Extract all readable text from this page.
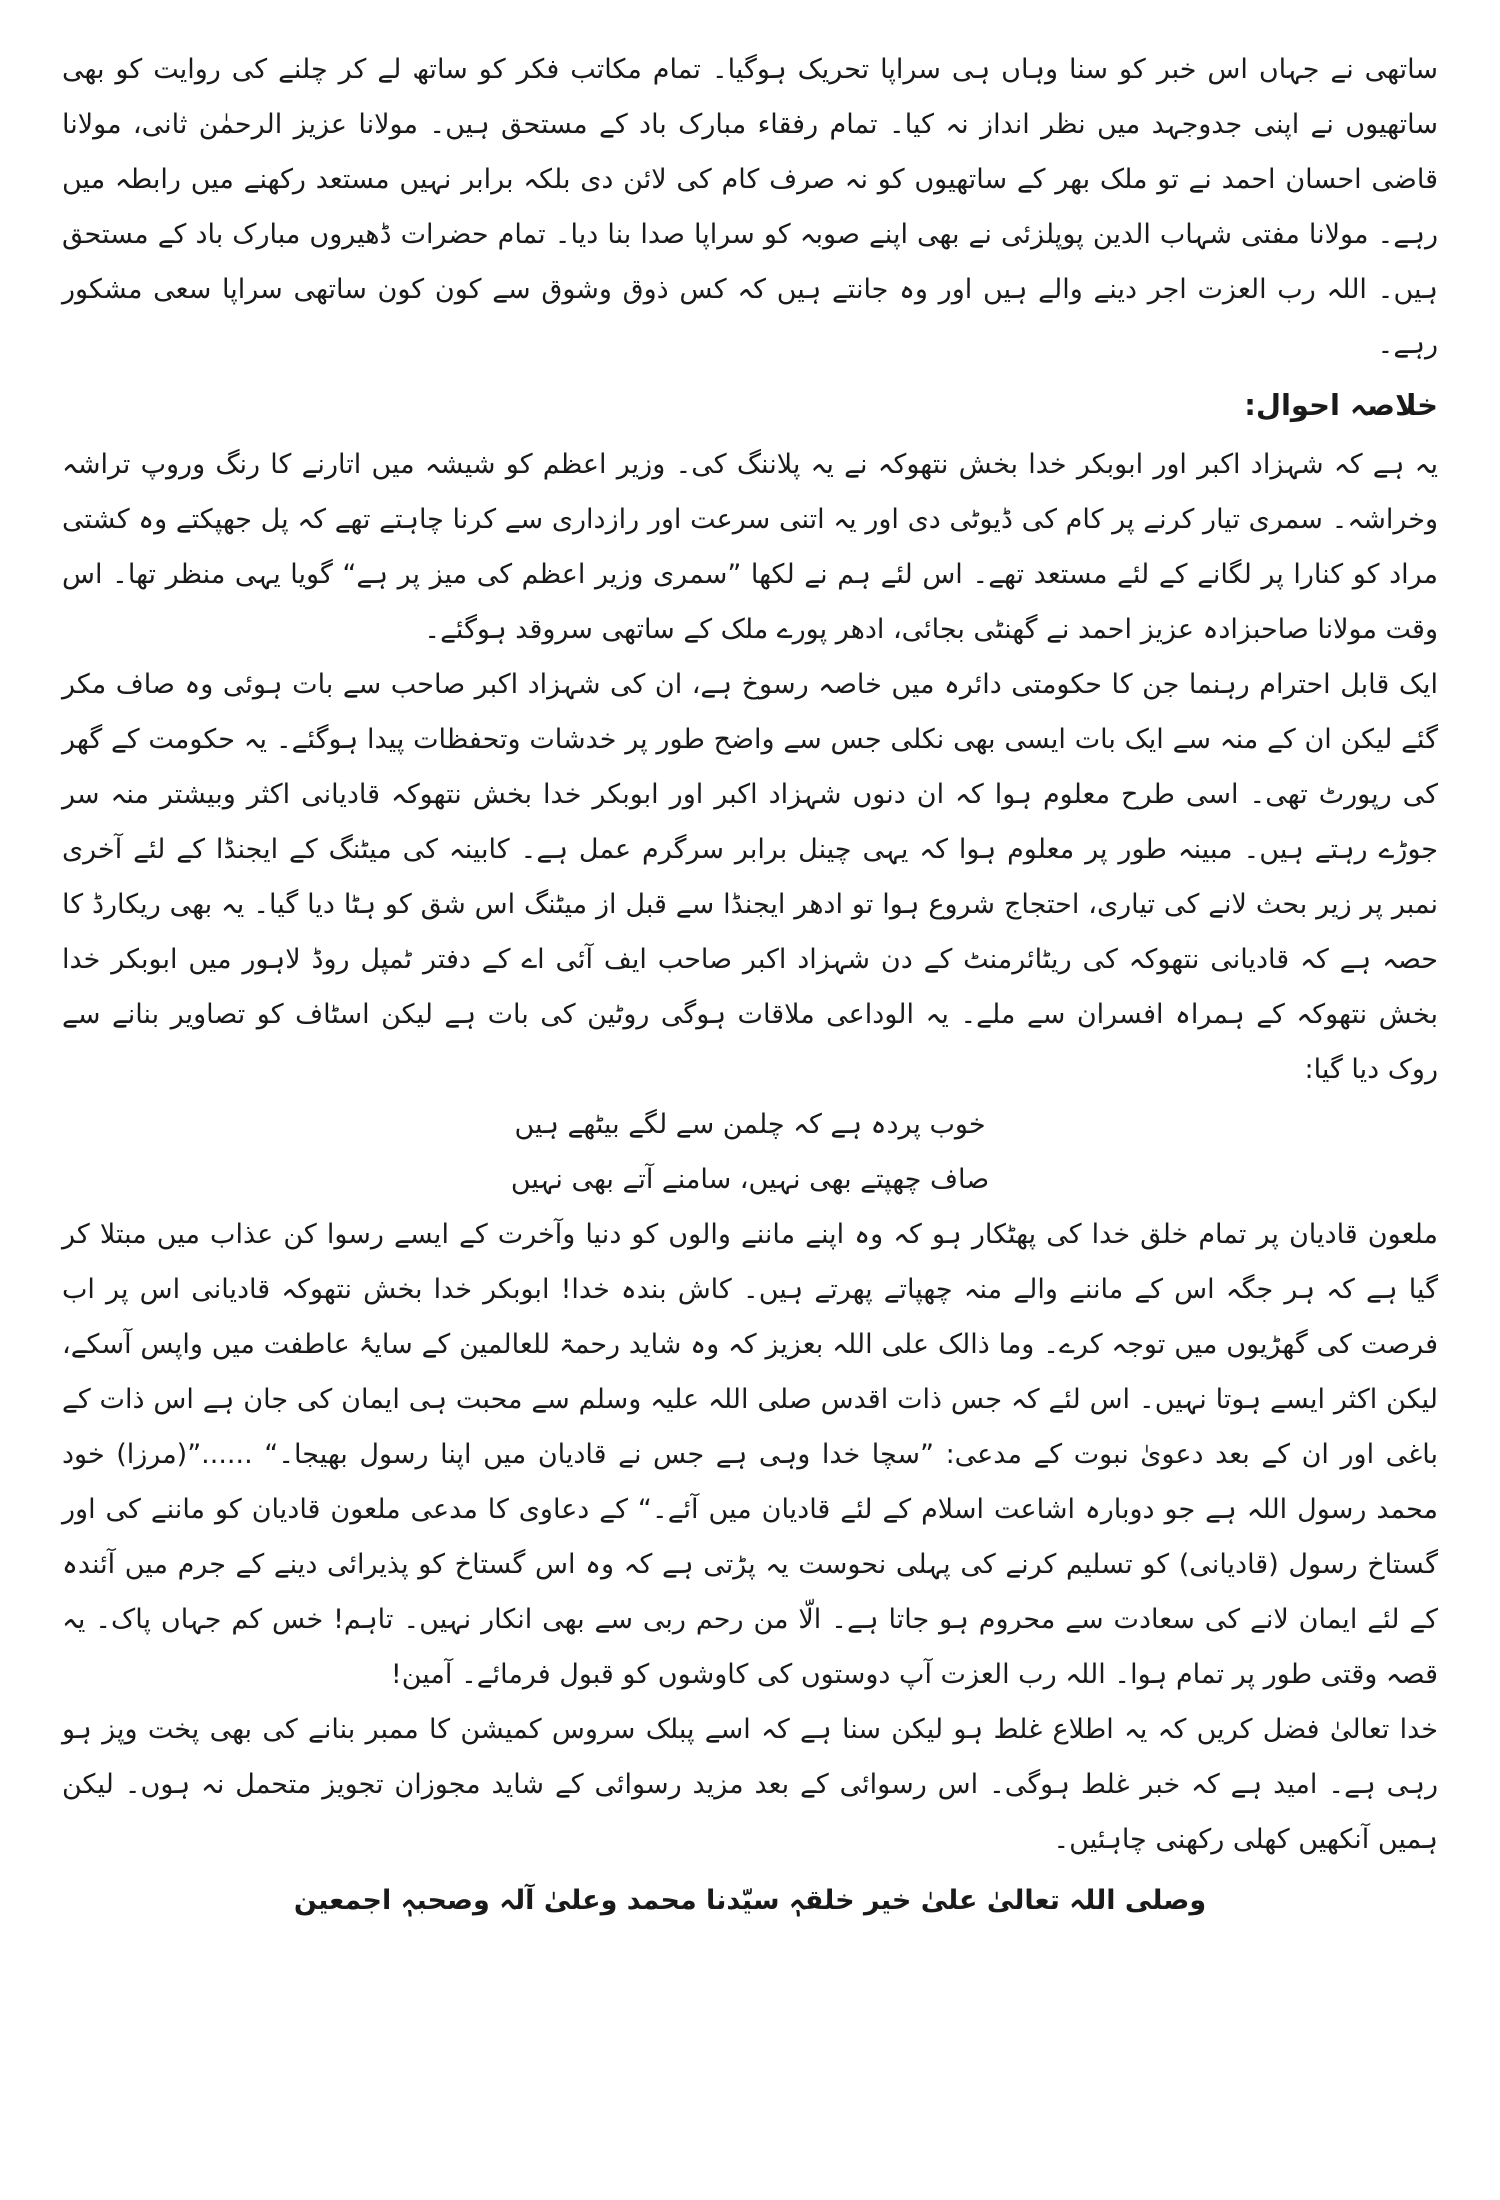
ساتھی نے جہاں اس خبر کو سنا وہاں ہی سراپا تحریک ہوگیا۔ تمام مکاتب فکر کو ساتھ لے کر چلنے کی روایت کو بھی ساتھیوں نے اپنی جدوجہد میں نظر انداز نہ کیا۔ تمام رفقاء مبارک باد کے مستحق ہیں۔ مولانا عزیز الرحمٰن ثانی، مولانا قاضی احسان احمد نے تو ملک بھر کے ساتھیوں کو نہ صرف کام کی لائن دی بلکہ برابر نہیں مستعد رکھنے میں رابطہ میں رہے۔ مولانا مفتی شہاب الدین پوپلزئی نے بھی اپنے صوبہ کو سراپا صدا بنا دیا۔ تمام حضرات ڈھیروں مبارک باد کے مستحق ہیں۔ اللہ رب العزت اجر دینے والے ہیں اور وہ جانتے ہیں کہ کس ذوق وشوق سے کون کون ساتھی سراپا سعی مشکور رہے۔

خلاصہ احوال:

یہ ہے کہ شہزاد اکبر اور ابوبکر خدا بخش نتھوکہ نے یہ پلاننگ کی۔ وزیر اعظم کو شیشہ میں اتارنے کا رنگ وروپ تراشہ وخراشہ۔ سمری تیار کرنے پر کام کی ڈیوٹی دی اور یہ اتنی سرعت اور رازداری سے کرنا چاہتے تھے کہ پل جھپکتے وہ کشتی مراد کو کنارا پر لگانے کے لئے مستعد تھے۔ اس لئے ہم نے لکھا ”سمری وزیر اعظم کی میز پر ہے“ گویا یہی منظر تھا۔ اس وقت مولانا صاحبزادہ عزیز احمد نے گھنٹی بجائی، ادھر پورے ملک کے ساتھی سروقد ہوگئے۔

ایک قابل احترام رہنما جن کا حکومتی دائرہ میں خاصہ رسوخ ہے، ان کی شہزاد اکبر صاحب سے بات ہوئی وہ صاف مکر گئے لیکن ان کے منہ سے ایک بات ایسی بھی نکلی جس سے واضح طور پر خدشات وتحفظات پیدا ہوگئے۔ یہ حکومت کے گھر کی رپورٹ تھی۔ اسی طرح معلوم ہوا کہ ان دنوں شہزاد اکبر اور ابوبکر خدا بخش نتھوکہ قادیانی اکثر وبیشتر منہ سر جوڑے رہتے ہیں۔ مبینہ طور پر معلوم ہوا کہ یہی چینل برابر سرگرم عمل ہے۔ کابینہ کی میٹنگ کے ایجنڈا کے لئے آخری نمبر پر زیر بحث لانے کی تیاری، احتجاج شروع ہوا تو ادھر ایجنڈا سے قبل از میٹنگ اس شق کو ہٹا دیا گیا۔ یہ بھی ریکارڈ کا حصہ ہے کہ قادیانی نتھوکہ کی ریٹائرمنٹ کے دن شہزاد اکبر صاحب ایف آئی اے کے دفتر ٹمپل روڈ لاہور میں ابوبکر خدا بخش نتھوکہ کے ہمراہ افسران سے ملے۔ یہ الوداعی ملاقات ہوگی روٹین کی بات ہے لیکن اسٹاف کو تصاویر بنانے سے روک دیا گیا:

خوب پردہ ہے کہ چلمن سے لگے بیٹھے ہیں

صاف چھپتے بھی نہیں، سامنے آتے بھی نہیں

ملعون قادیان پر تمام خلق خدا کی پھٹکار ہو کہ وہ اپنے ماننے والوں کو دنیا وآخرت کے ایسے رسوا کن عذاب میں مبتلا کر گیا ہے کہ ہر جگہ اس کے ماننے والے منہ چھپاتے پھرتے ہیں۔ کاش بندہ خدا! ابوبکر خدا بخش نتھوکہ قادیانی اس پر اب فرصت کی گھڑیوں میں توجہ کرے۔ وما ذالک علی اللہ بعزیز کہ وہ شاید رحمۃ للعالمین کے سایۂ عاطفت میں واپس آسکے، لیکن اکثر ایسے ہوتا نہیں۔ اس لئے کہ جس ذات اقدس صلی اللہ علیہ وسلم سے محبت ہی ایمان کی جان ہے اس ذات کے باغی اور ان کے بعد دعویٰ نبوت کے مدعی: ”سچا خدا وہی ہے جس نے قادیان میں اپنا رسول بھیجا۔“ ......”(مرزا) خود محمد رسول اللہ ہے جو دوبارہ اشاعت اسلام کے لئے قادیان میں آئے۔“ کے دعاوی کا مدعی ملعون قادیان کو ماننے کی اور گستاخ رسول (قادیانی) کو تسلیم کرنے کی پہلی نحوست یہ پڑتی ہے کہ وہ اس گستاخ کو پذیرائی دینے کے جرم میں آئندہ کے لئے ایمان لانے کی سعادت سے محروم ہو جاتا ہے۔ الّا من رحم ربی سے بھی انکار نہیں۔ تاہم! خس کم جہاں پاک۔ یہ قصہ وقتی طور پر تمام ہوا۔ اللہ رب العزت آپ دوستوں کی کاوشوں کو قبول فرمائے۔ آمین!

خدا تعالیٰ فضل کریں کہ یہ اطلاع غلط ہو لیکن سنا ہے کہ اسے پبلک سروس کمیشن کا ممبر بنانے کی بھی پخت وپز ہو رہی ہے۔ امید ہے کہ خبر غلط ہوگی۔ اس رسوائی کے بعد مزید رسوائی کے شاید مجوزان تجویز متحمل نہ ہوں۔ لیکن ہمیں آنکھیں کھلی رکھنی چاہئیں۔

وصلی اللہ تعالیٰ علیٰ خیر خلقہٖ سیّدنا محمد وعلیٰ آلہ وصحبہٖ اجمعین
